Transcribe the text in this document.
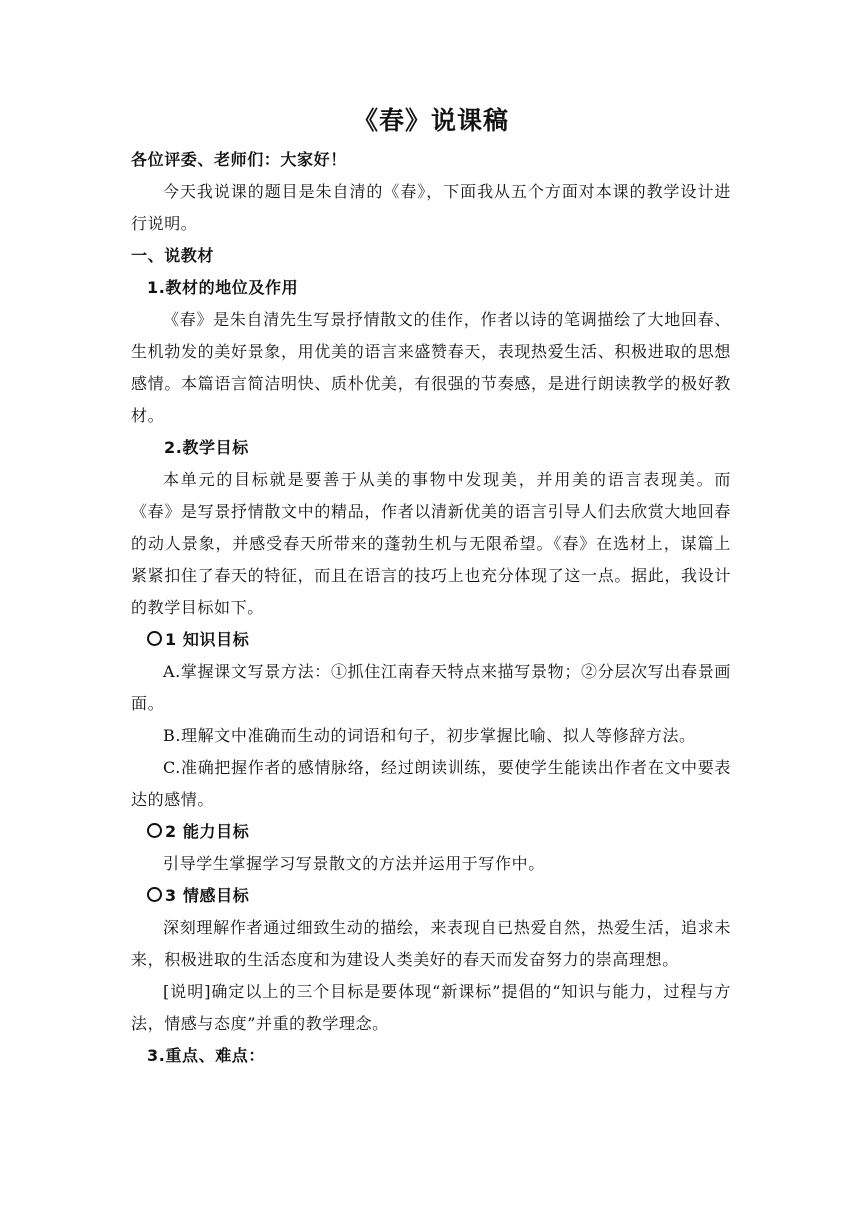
《春》说课稿

各位评委、老师们：大家好！

今天我说课的题目是朱自清的《春》，下面我从五个方面对本课的教学设计进行说明。

一、说教材

1.教材的地位及作用

《春》是朱自清先生写景抒情散文的佳作，作者以诗的笔调描绘了大地回春、生机勃发的美好景象，用优美的语言来盛赞春天，表现热爱生活、积极进取的思想感情。本篇语言简洁明快、质朴优美，有很强的节奏感，是进行朗读教学的极好教材。

2.教学目标

本单元的目标就是要善于从美的事物中发现美，并用美的语言表现美。而《春》是写景抒情散文中的精品，作者以清新优美的语言引导人们去欣赏大地回春的动人景象，并感受春天所带来的蓬勃生机与无限希望。《春》在选材上，谋篇上紧紧扣住了春天的特征，而且在语言的技巧上也充分体现了这一点。据此，我设计的教学目标如下。

1 知识目标

A.掌握课文写景方法：①抓住江南春天特点来描写景物；②分层次写出春景画面。

B.理解文中准确而生动的词语和句子，初步掌握比喻、拟人等修辞方法。

C.准确把握作者的感情脉络，经过朗读训练，要使学生能读出作者在文中要表达的感情。

2 能力目标

引导学生掌握学习写景散文的方法并运用于写作中。

3 情感目标

深刻理解作者通过细致生动的描绘，来表现自已热爱自然，热爱生活，追求未来，积极进取的生活态度和为建设人类美好的春天而发奋努力的崇高理想。

[说明]确定以上的三个目标是要体现“新课标”提倡的“知识与能力，过程与方法，情感与态度”并重的教学理念。

3.重点、难点：
